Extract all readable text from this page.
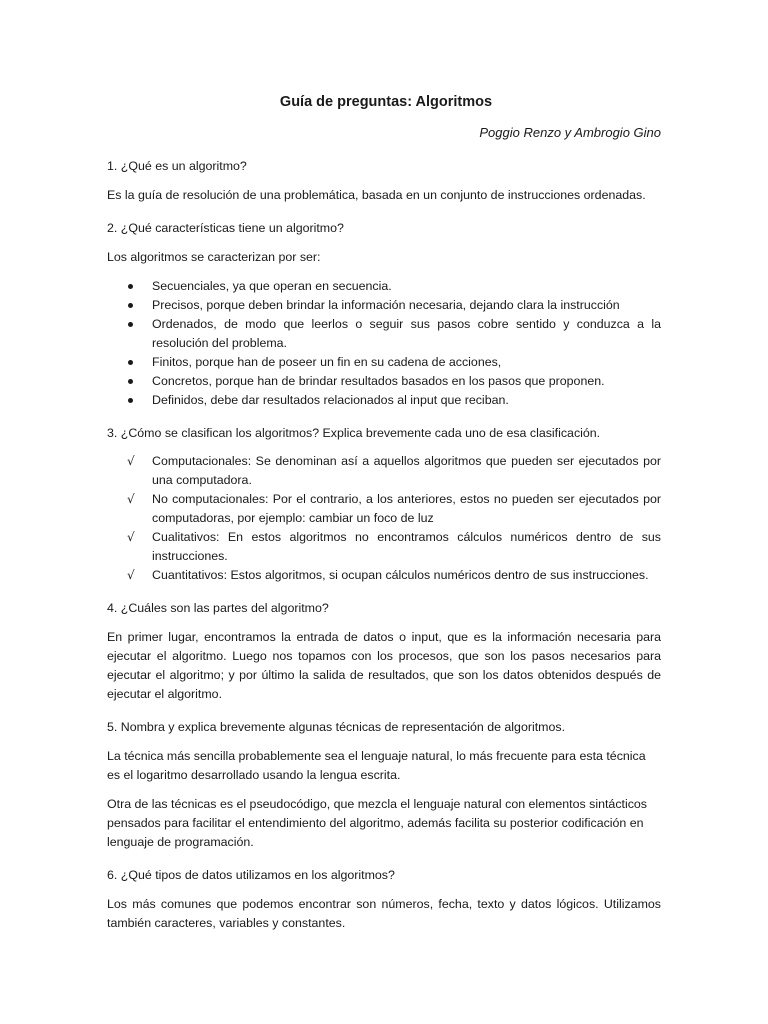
Guía de preguntas: Algoritmos

Poggio Renzo y Ambrogio Gino

1. ¿Qué es un algoritmo?

Es la guía de resolución de una problemática, basada en un conjunto de instrucciones ordenadas.

2. ¿Qué características tiene un algoritmo?

Los algoritmos se caracterizan por ser:

Secuenciales, ya que operan en secuencia.
Precisos, porque deben brindar la información necesaria, dejando clara la instrucción
Ordenados, de modo que leerlos o seguir sus pasos cobre sentido y conduzca a la resolución del problema.
Finitos, porque han de poseer un fin en su cadena de acciones,
Concretos, porque han de brindar resultados basados en los pasos que proponen.
Definidos, debe dar resultados relacionados al input que reciban.

3. ¿Cómo se clasifican los algoritmos? Explica brevemente cada uno de esa clasificación.

√ Computacionales: Se denominan así a aquellos algoritmos que pueden ser ejecutados por una computadora.
√ No computacionales: Por el contrario, a los anteriores, estos no pueden ser ejecutados por computadoras, por ejemplo: cambiar un foco de luz
√ Cualitativos: En estos algoritmos no encontramos cálculos numéricos dentro de sus instrucciones.
√ Cuantitativos: Estos algoritmos, si ocupan cálculos numéricos dentro de sus instrucciones.

4. ¿Cuáles son las partes del algoritmo?

En primer lugar, encontramos la entrada de datos o input, que es la información necesaria para ejecutar el algoritmo. Luego nos topamos con los procesos, que son los pasos necesarios para ejecutar el algoritmo; y por último la salida de resultados, que son los datos obtenidos después de ejecutar el algoritmo.

5. Nombra y explica brevemente algunas técnicas de representación de algoritmos.

La técnica más sencilla probablemente sea el lenguaje natural, lo más frecuente para esta técnica es el logaritmo desarrollado usando la lengua escrita.

Otra de las técnicas es el pseudocódigo, que mezcla el lenguaje natural con elementos sintácticos pensados para facilitar el entendimiento del algoritmo, además facilita su posterior codificación en lenguaje de programación.

6. ¿Qué tipos de datos utilizamos en los algoritmos?

Los más comunes que podemos encontrar son números, fecha, texto y datos lógicos. Utilizamos también caracteres, variables y constantes.
